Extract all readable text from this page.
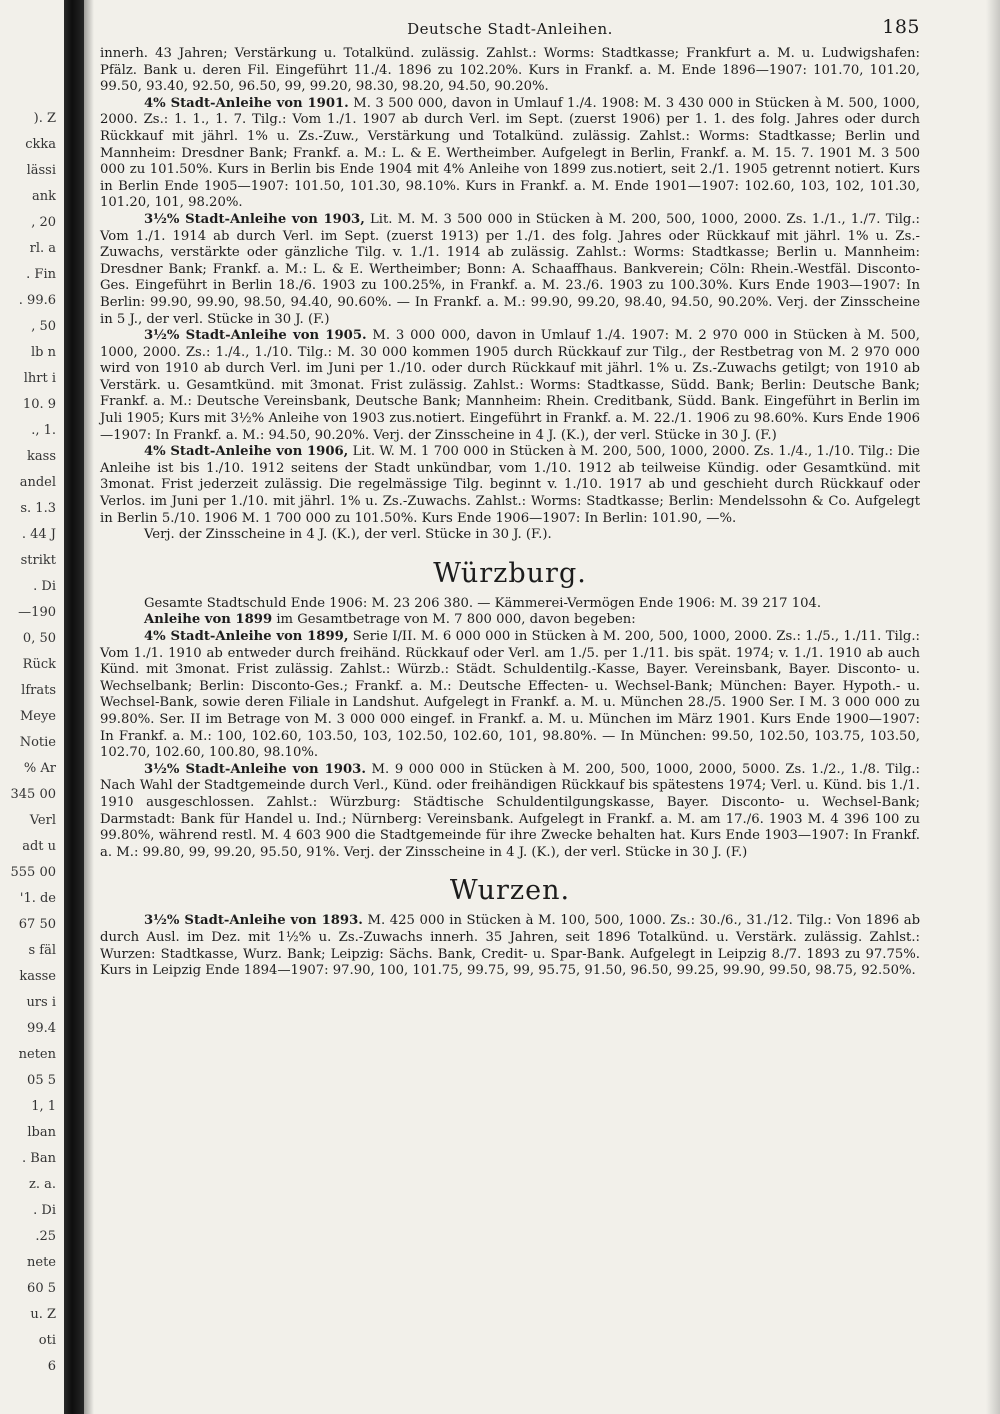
). Z
ckka
lässi
ank
, 20
rl. a
. Fin
. 99.6
, 50
lb n
lhrt i
10. 9
., 1.
kass
andel
s. 1.3
. 44 J
strikt
. Di
—190
0, 50
Rück
lfrats
Meye
Notie
% Ar
345 00
Verl
adt u
555 00
'1. de
67 50
s fäl
kasse
urs i
99.4
neten
05 5
1, 1
lban
. Ban
z. a.
. Di
.25
nete
60 5
u. Z
oti
6
Deutsche Stadt-Anleihen.	185

innerh. 43 Jahren; Verstärkung u. Totalkünd. zulässig. Zahlst.: Worms: Stadtkasse; Frankfurt a. M. u. Ludwigshafen: Pfälz. Bank u. deren Fil. Eingeführt 11./4. 1896 zu 102.20%. Kurs in Frankf. a. M. Ende 1896—1907: 101.70, 101.20, 99.50, 93.40, 92.50, 96.50, 99, 99.20, 98.30, 98.20, 94.50, 90.20%.

4% Stadt-Anleihe von 1901. M. 3 500 000, davon in Umlauf 1./4. 1908: M. 3 430 000 in Stücken à M. 500, 1000, 2000. Zs.: 1. 1., 1. 7. Tilg.: Vom 1./1. 1907 ab durch Verl. im Sept. (zuerst 1906) per 1. 1. des folg. Jahres oder durch Rückkauf mit jährl. 1% u. Zs.-Zuw., Verstärkung und Totalkünd. zulässig. Zahlst.: Worms: Stadtkasse; Berlin und Mannheim: Dresdner Bank; Frankf. a. M.: L. & E. Wertheimber. Aufgelegt in Berlin, Frankf. a. M. 15. 7. 1901 M. 3 500 000 zu 101.50%. Kurs in Berlin bis Ende 1904 mit 4% Anleihe von 1899 zus.notiert, seit 2./1. 1905 getrennt notiert. Kurs in Berlin Ende 1905—1907: 101.50, 101.30, 98.10%. Kurs in Frankf. a. M. Ende 1901—1907: 102.60, 103, 102, 101.30, 101.20, 101, 98.20%.

3½% Stadt-Anleihe von 1903, Lit. M. M. 3 500 000 in Stücken à M. 200, 500, 1000, 2000. Zs. 1./1., 1./7. Tilg.: Vom 1./1. 1914 ab durch Verl. im Sept. (zuerst 1913) per 1./1. des folg. Jahres oder Rückkauf mit jährl. 1% u. Zs.-Zuwachs, verstärkte oder gänzliche Tilg. v. 1./1. 1914 ab zulässig. Zahlst.: Worms: Stadtkasse; Berlin u. Mannheim: Dresdner Bank; Frankf. a. M.: L. & E. Wertheimber; Bonn: A. Schaaffhaus. Bankverein; Cöln: Rhein.-Westfäl. Disconto-Ges. Eingeführt in Berlin 18./6. 1903 zu 100.25%, in Frankf. a. M. 23./6. 1903 zu 100.30%. Kurs Ende 1903—1907: In Berlin: 99.90, 99.90, 98.50, 94.40, 90.60%. — In Frankf. a. M.: 99.90, 99.20, 98.40, 94.50, 90.20%. Verj. der Zinsscheine in 5 J., der verl. Stücke in 30 J. (F.)

3½% Stadt-Anleihe von 1905. M. 3 000 000, davon in Umlauf 1./4. 1907: M. 2 970 000 in Stücken à M. 500, 1000, 2000. Zs.: 1./4., 1./10. Tilg.: M. 30 000 kommen 1905 durch Rückkauf zur Tilg., der Restbetrag von M. 2 970 000 wird von 1910 ab durch Verl. im Juni per 1./10. oder durch Rückkauf mit jährl. 1% u. Zs.-Zuwachs getilgt; von 1910 ab Verstärk. u. Gesamtkünd. mit 3monat. Frist zulässig. Zahlst.: Worms: Stadtkasse, Südd. Bank; Berlin: Deutsche Bank; Frankf. a. M.: Deutsche Vereinsbank, Deutsche Bank; Mannheim: Rhein. Creditbank, Südd. Bank. Eingeführt in Berlin im Juli 1905; Kurs mit 3½% Anleihe von 1903 zus.notiert. Eingeführt in Frankf. a. M. 22./1. 1906 zu 98.60%. Kurs Ende 1906—1907: In Frankf. a. M.: 94.50, 90.20%. Verj. der Zinsscheine in 4 J. (K.), der verl. Stücke in 30 J. (F.)

4% Stadt-Anleihe von 1906, Lit. W. M. 1 700 000 in Stücken à M. 200, 500, 1000, 2000. Zs. 1./4., 1./10. Tilg.: Die Anleihe ist bis 1./10. 1912 seitens der Stadt unkündbar, vom 1./10. 1912 ab teilweise Kündig. oder Gesamtkünd. mit 3monat. Frist jederzeit zulässig. Die regelmässige Tilg. beginnt v. 1./10. 1917 ab und geschieht durch Rückkauf oder Verlos. im Juni per 1./10. mit jährl. 1% u. Zs.-Zuwachs. Zahlst.: Worms: Stadtkasse; Berlin: Mendelssohn & Co. Aufgelegt in Berlin 5./10. 1906 M. 1 700 000 zu 101.50%. Kurs Ende 1906—1907: In Berlin: 101.90, —%.

Verj. der Zinsscheine in 4 J. (K.), der verl. Stücke in 30 J. (F.).

Würzburg.

Gesamte Stadtschuld Ende 1906: M. 23 206 380. — Kämmerei-Vermögen Ende 1906: M. 39 217 104.

Anleihe von 1899 im Gesamtbetrage von M. 7 800 000, davon begeben:

4% Stadt-Anleihe von 1899, Serie I/II. M. 6 000 000 in Stücken à M. 200, 500, 1000, 2000. Zs.: 1./5., 1./11. Tilg.: Vom 1./1. 1910 ab entweder durch freihänd. Rückkauf oder Verl. am 1./5. per 1./11. bis spät. 1974; v. 1./1. 1910 ab auch Künd. mit 3monat. Frist zulässig. Zahlst.: Würzb.: Städt. Schuldentilg.-Kasse, Bayer. Vereinsbank, Bayer. Disconto- u. Wechselbank; Berlin: Disconto-Ges.; Frankf. a. M.: Deutsche Effecten- u. Wechsel-Bank; München: Bayer. Hypoth.- u. Wechsel-Bank, sowie deren Filiale in Landshut. Aufgelegt in Frankf. a. M. u. München 28./5. 1900 Ser. I M. 3 000 000 zu 99.80%. Ser. II im Betrage von M. 3 000 000 eingef. in Frankf. a. M. u. München im März 1901. Kurs Ende 1900—1907: In Frankf. a. M.: 100, 102.60, 103.50, 103, 102.50, 102.60, 101, 98.80%. — In München: 99.50, 102.50, 103.75, 103.50, 102.70, 102.60, 100.80, 98.10%.

3½% Stadt-Anleihe von 1903. M. 9 000 000 in Stücken à M. 200, 500, 1000, 2000, 5000. Zs. 1./2., 1./8. Tilg.: Nach Wahl der Stadtgemeinde durch Verl., Künd. oder freihändigen Rückkauf bis spätestens 1974; Verl. u. Künd. bis 1./1. 1910 ausgeschlossen. Zahlst.: Würzburg: Städtische Schuldentilgungskasse, Bayer. Disconto- u. Wechsel-Bank; Darmstadt: Bank für Handel u. Ind.; Nürnberg: Vereinsbank. Aufgelegt in Frankf. a. M. am 17./6. 1903 M. 4 396 100 zu 99.80%, während restl. M. 4 603 900 die Stadtgemeinde für ihre Zwecke behalten hat. Kurs Ende 1903—1907: In Frankf. a. M.: 99.80, 99, 99.20, 95.50, 91%. Verj. der Zinsscheine in 4 J. (K.), der verl. Stücke in 30 J. (F.)

Wurzen.

3½% Stadt-Anleihe von 1893. M. 425 000 in Stücken à M. 100, 500, 1000. Zs.: 30./6., 31./12. Tilg.: Von 1896 ab durch Ausl. im Dez. mit 1½% u. Zs.-Zuwachs innerh. 35 Jahren, seit 1896 Totalkünd. u. Verstärk. zulässig. Zahlst.: Wurzen: Stadtkasse, Wurz. Bank; Leipzig: Sächs. Bank, Credit- u. Spar-Bank. Aufgelegt in Leipzig 8./7. 1893 zu 97.75%. Kurs in Leipzig Ende 1894—1907: 97.90, 100, 101.75, 99.75, 99, 95.75, 91.50, 96.50, 99.25, 99.90, 99.50, 98.75, 92.50%.
